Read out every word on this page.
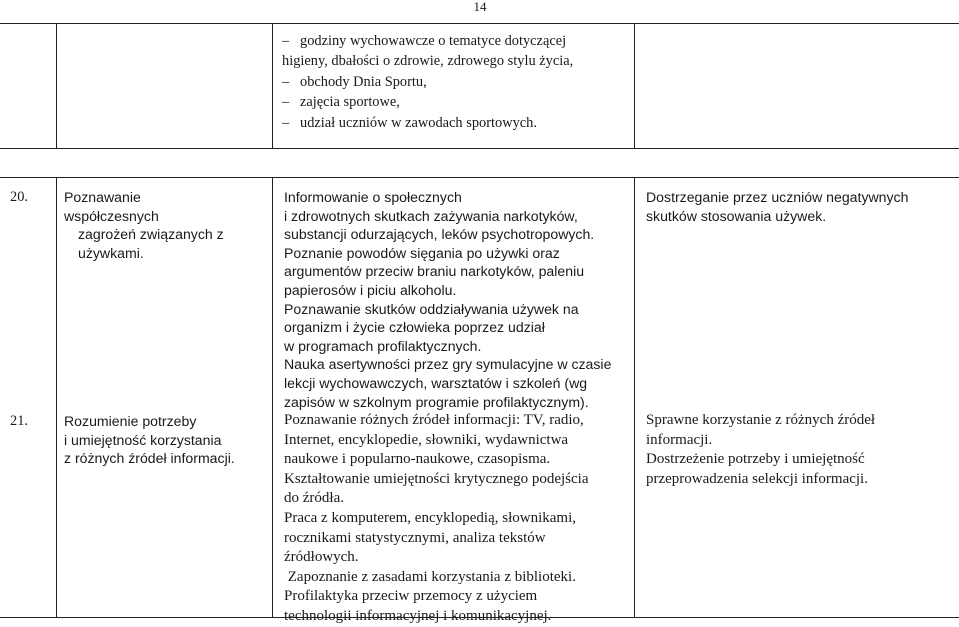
14
– godziny wychowawcze o tematyce dotyczącej
higieny, dbałości o zdrowie, zdrowego stylu życia,
– obchody Dnia Sportu,
– zajęcia sportowe,
– udział uczniów w zawodach sportowych.
20.	Poznawanie współczesnych
zagrożeń związanych z
używkami.
Informowanie o społecznych
i zdrowotnych skutkach zażywania narkotyków,
substancji odurzających, leków psychotropowych.
Poznanie powodów sięgania po używki oraz
argumentów przeciw braniu narkotyków, paleniu
papierosów i piciu alkoholu.
Poznawanie skutków oddziaływania używek na
organizm i życie człowieka poprzez udział
w programach profilaktycznych.
Nauka asertywności przez gry symulacyjne w czasie
lekcji wychowawczych, warsztatów i szkoleń (wg
zapisów w szkolnym programie profilaktycznym).
Dostrzeganie przez uczniów negatywnych
skutków stosowania używek.
21.	Rozumienie potrzeby
i umiejętność korzystania
z różnych źródeł informacji.
Poznawanie różnych źródeł informacji: TV, radio,
Internet, encyklopedie, słowniki, wydawnictwa
naukowe i popularno-naukowe, czasopisma.
Kształtowanie umiejętności krytycznego podejścia
do źródła.
Praca z komputerem, encyklopedią, słownikami,
rocznikami statystycznymi, analiza tekstów
źródłowych.
Zapoznanie z zasadami korzystania z biblioteki.
Profilaktyka przeciw przemocy z użyciem
technologii informacyjnej i komunikacyjnej.
Sprawne korzystanie z różnych źródeł
informacji.
Dostrzeżenie potrzeby i umiejętność
przeprowadzenia selekcji informacji.
